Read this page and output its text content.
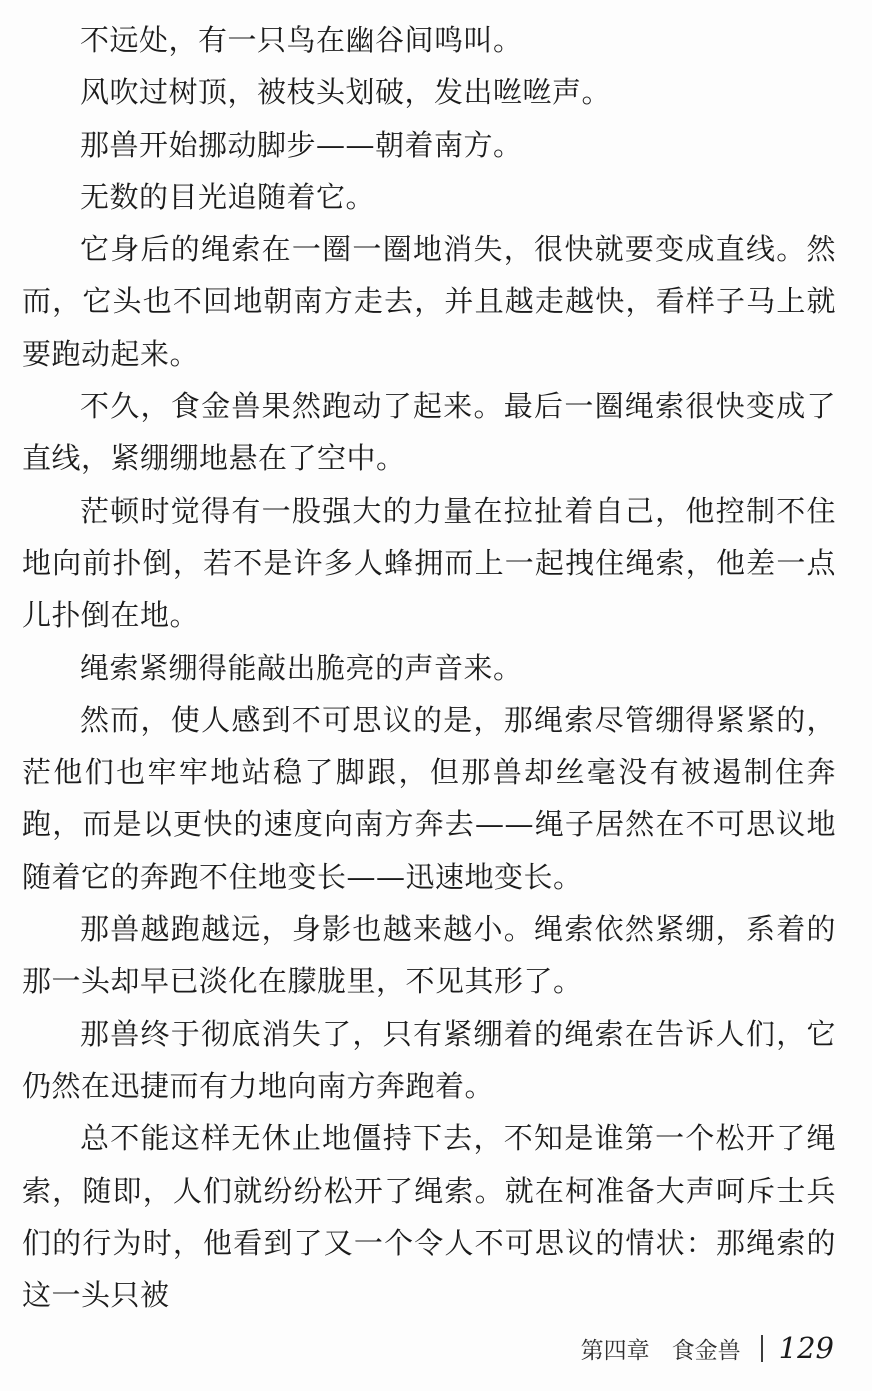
不远处，有一只鸟在幽谷间鸣叫。

风吹过树顶，被枝头划破，发出咝咝声。

那兽开始挪动脚步——朝着南方。

无数的目光追随着它。

它身后的绳索在一圈一圈地消失，很快就要变成直线。然而，它头也不回地朝南方走去，并且越走越快，看样子马上就要跑动起来。

不久，食金兽果然跑动了起来。最后一圈绳索很快变成了直线，紧绷绷地悬在了空中。

茫顿时觉得有一股强大的力量在拉扯着自己，他控制不住地向前扑倒，若不是许多人蜂拥而上一起拽住绳索，他差一点儿扑倒在地。

绳索紧绷得能敲出脆亮的声音来。

然而，使人感到不可思议的是，那绳索尽管绷得紧紧的，茫他们也牢牢地站稳了脚跟，但那兽却丝毫没有被遏制住奔跑，而是以更快的速度向南方奔去——绳子居然在不可思议地随着它的奔跑不住地变长——迅速地变长。

那兽越跑越远，身影也越来越小。绳索依然紧绷，系着的那一头却早已淡化在朦胧里，不见其形了。

那兽终于彻底消失了，只有紧绷着的绳索在告诉人们，它仍然在迅捷而有力地向南方奔跑着。

总不能这样无休止地僵持下去，不知是谁第一个松开了绳索，随即，人们就纷纷松开了绳索。就在柯准备大声呵斥士兵们的行为时，他看到了又一个令人不可思议的情状：那绳索的这一头只被

第四章 食金兽 129
